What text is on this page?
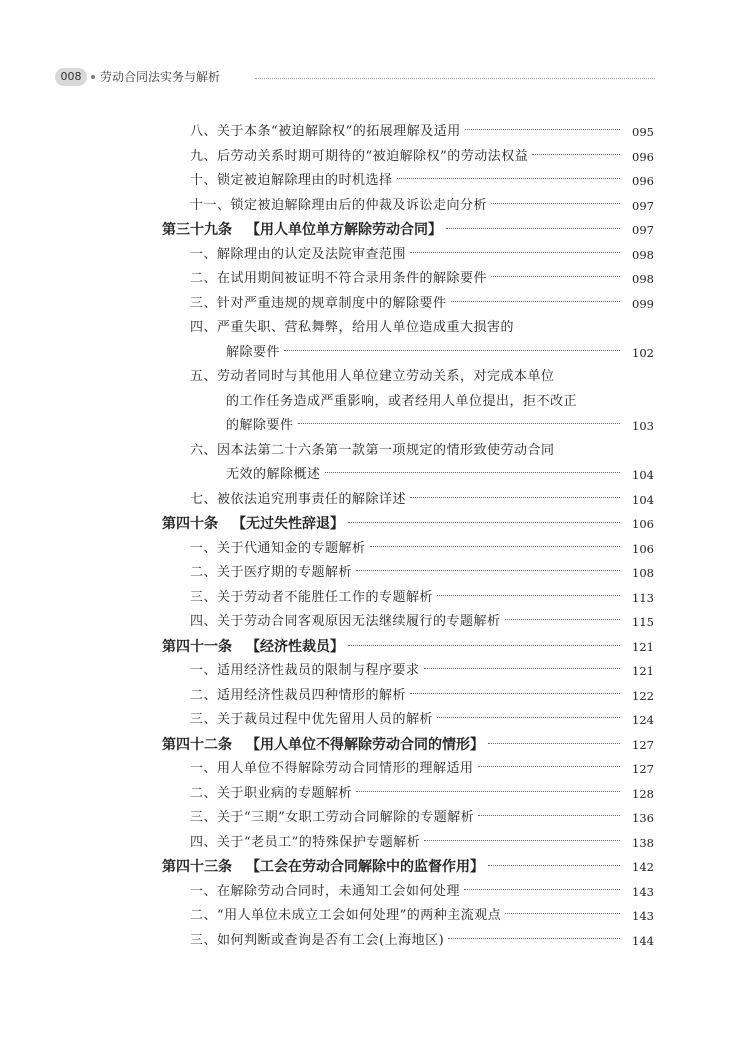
008	劳动合同法实务与解析
八、关于本条“被迫解除权”的拓展理解及适用	095
九、后劳动关系时期可期待的“被迫解除权”的劳动法权益	096
十、锁定被迫解除理由的时机选择	096
十一、锁定被迫解除理由后的仲裁及诉讼走向分析	097
第三十九条 【用人单位单方解除劳动合同】	097
一、解除理由的认定及法院审查范围	098
二、在试用期间被证明不符合录用条件的解除要件	098
三、针对严重违规的规章制度中的解除要件	099
四、严重失职、营私舞弊，给用人单位造成重大损害的
解除要件	102
五、劳动者同时与其他用人单位建立劳动关系，对完成本单位
的工作任务造成严重影响，或者经用人单位提出，拒不改正
的解除要件	103
六、因本法第二十六条第一款第一项规定的情形致使劳动合同
无效的解除概述	104
七、被依法追究刑事责任的解除详述	104
第四十条 【无过失性辞退】	106
一、关于代通知金的专题解析	106
二、关于医疗期的专题解析	108
三、关于劳动者不能胜任工作的专题解析	113
四、关于劳动合同客观原因无法继续履行的专题解析	115
第四十一条 【经济性裁员】	121
一、适用经济性裁员的限制与程序要求	121
二、适用经济性裁员四种情形的解析	122
三、关于裁员过程中优先留用人员的解析	124
第四十二条 【用人单位不得解除劳动合同的情形】	127
一、用人单位不得解除劳动合同情形的理解适用	127
二、关于职业病的专题解析	128
三、关于“三期”女职工劳动合同解除的专题解析	136
四、关于“老员工”的特殊保护专题解析	138
第四十三条 【工会在劳动合同解除中的监督作用】	142
一、在解除劳动合同时，未通知工会如何处理	143
二、“用人单位未成立工会如何处理”的两种主流观点	143
三、如何判断或查询是否有工会(上海地区)	144
